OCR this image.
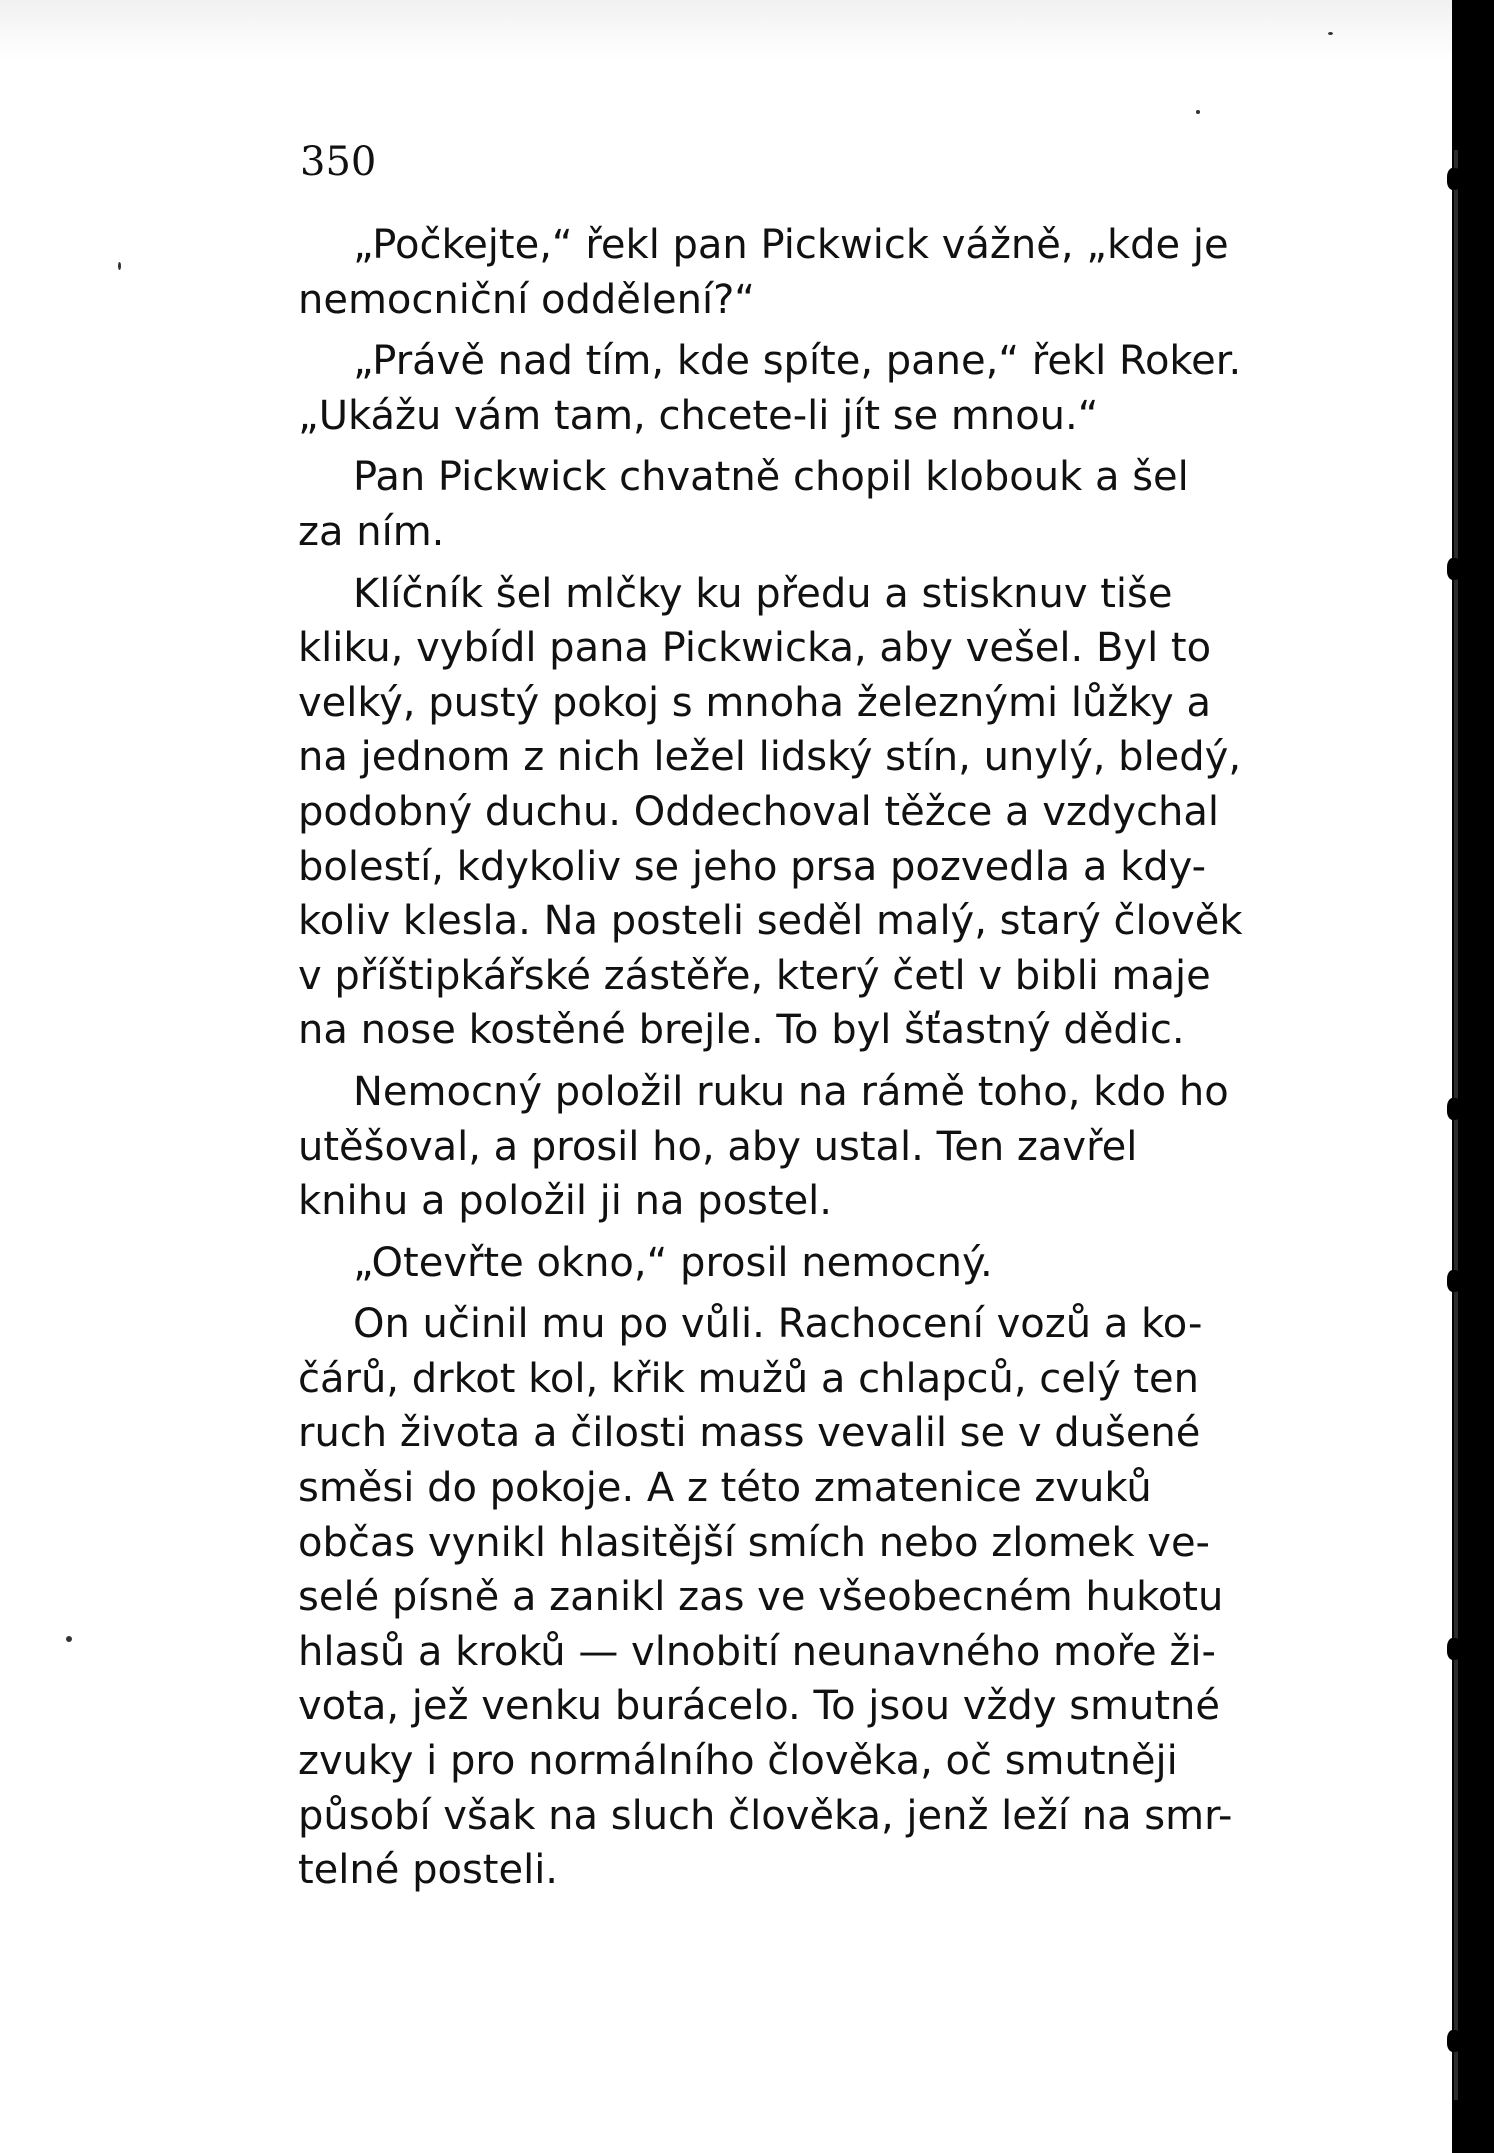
350

„Počkejte,“ řekl pan Pickwick vážně, „kde je
nemocniční oddělení?“

„Právě nad tím, kde spíte, pane,“ řekl Roker.
„Ukážu vám tam, chcete-li jít se mnou.“

Pan Pickwick chvatně chopil klobouk a šel
za ním.

Klíčník šel mlčky ku předu a stisknuv tiše
kliku, vybídl pana Pickwicka, aby vešel. Byl to
velký, pustý pokoj s mnoha železnými lůžky a
na jednom z nich ležel lidský stín, unylý, bledý,
podobný duchu. Oddechoval těžce a vzdychal
bolestí, kdykoliv se jeho prsa pozvedla a kdy-
koliv klesla. Na posteli seděl malý, starý člověk
v příštipkářské zástěře, který četl v bibli maje
na nose kostěné brejle. To byl šťastný dědic.

Nemocný položil ruku na rámě toho, kdo ho
utěšoval, a prosil ho, aby ustal. Ten zavřel
knihu a položil ji na postel.

„Otevřte okno,“ prosil nemocný.

On učinil mu po vůli. Rachocení vozů a ko-
čárů, drkot kol, křik mužů a chlapců, celý ten
ruch života a čilosti mass vevalil se v dušené
směsi do pokoje. A z této zmatenice zvuků
občas vynikl hlasitější smích nebo zlomek ve-
selé písně a zanikl zas ve všeobecném hukotu
hlasů a kroků — vlnobití neunavného moře ži-
vota, jež venku burácelo. To jsou vždy smutné
zvuky i pro normálního člověka, oč smutněji
působí však na sluch člověka, jenž leží na smr-
telné posteli.
